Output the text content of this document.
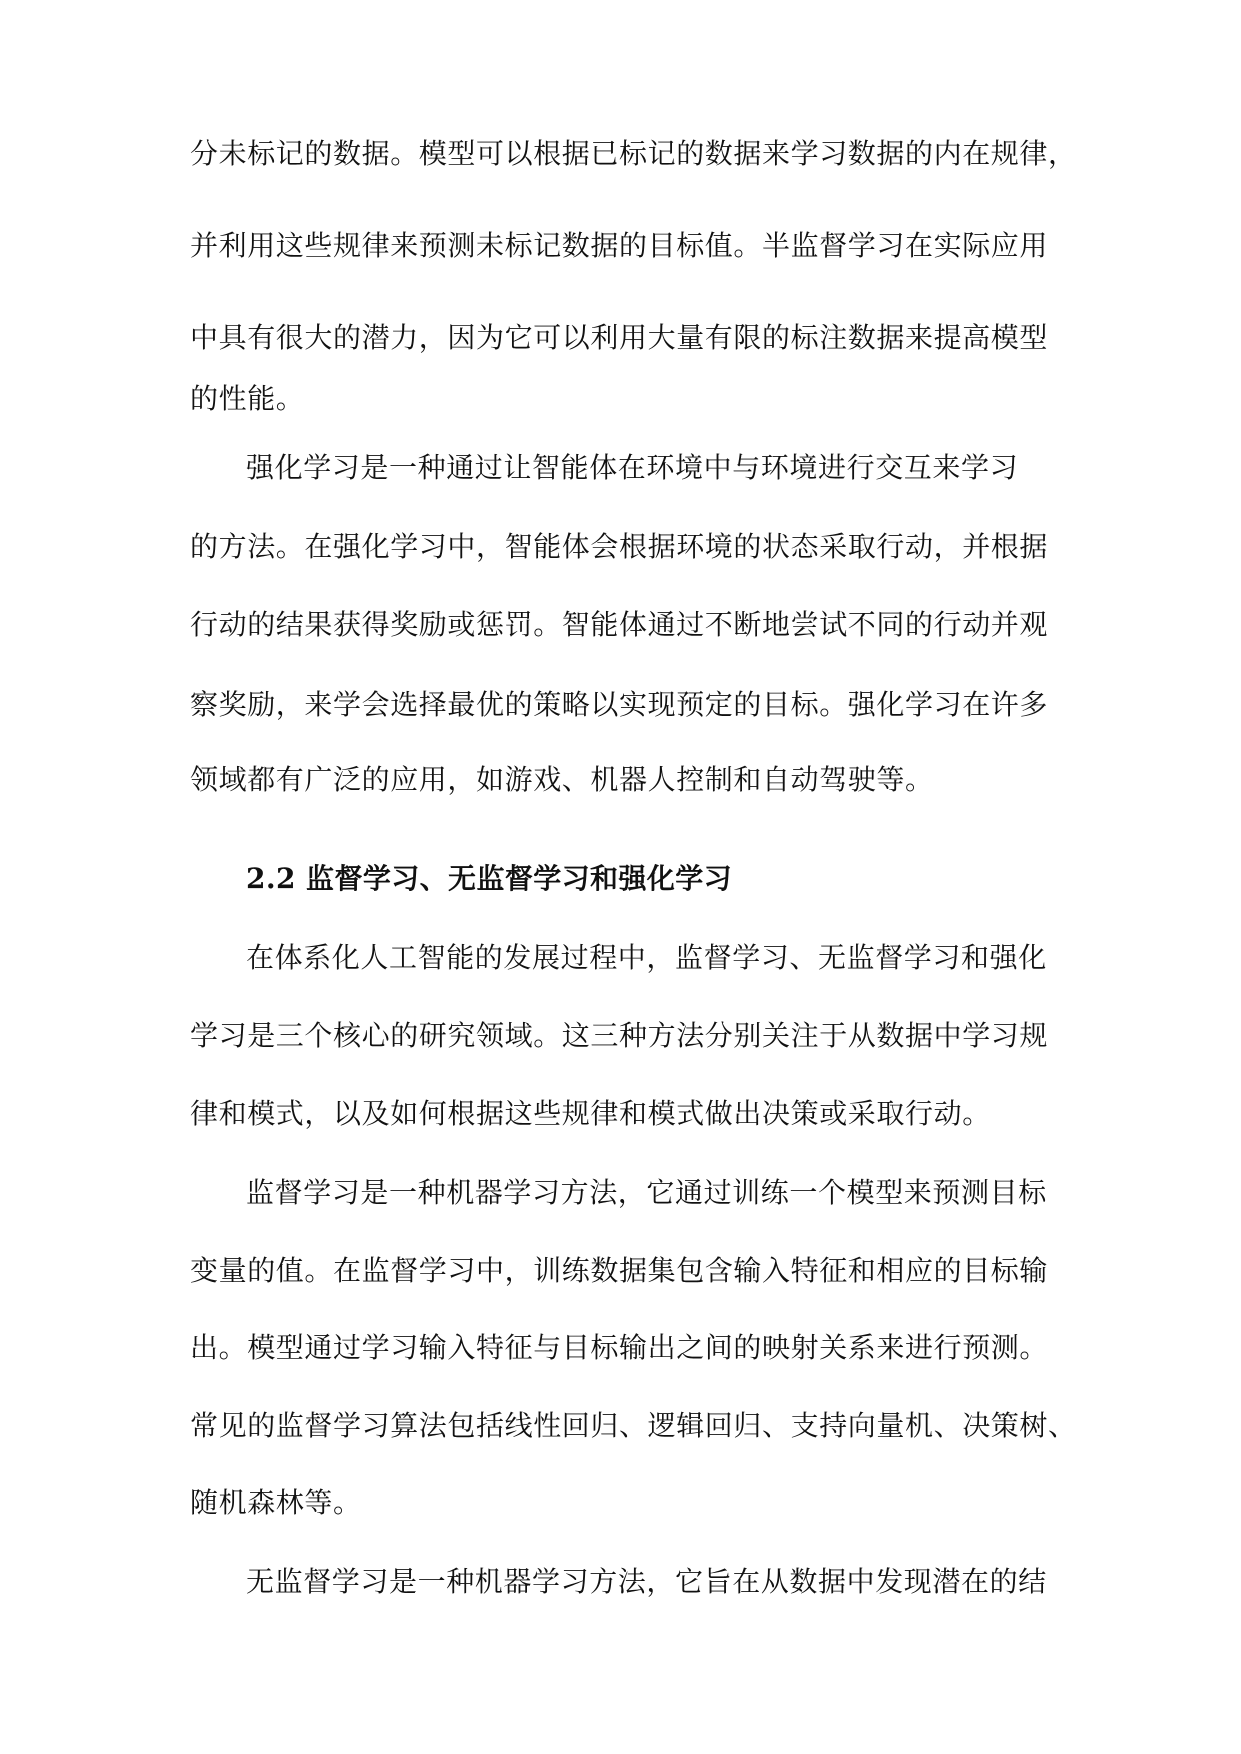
分未标记的数据。模型可以根据已标记的数据来学习数据的内在规律，
并利用这些规律来预测未标记数据的目标值。半监督学习在实际应用
中具有很大的潜力，因为它可以利用大量有限的标注数据来提高模型
的性能。
强化学习是一种通过让智能体在环境中与环境进行交互来学习
的方法。在强化学习中，智能体会根据环境的状态采取行动，并根据
行动的结果获得奖励或惩罚。智能体通过不断地尝试不同的行动并观
察奖励，来学会选择最优的策略以实现预定的目标。强化学习在许多
领域都有广泛的应用，如游戏、机器人控制和自动驾驶等。
2.2 监督学习、无监督学习和强化学习
在体系化人工智能的发展过程中，监督学习、无监督学习和强化
学习是三个核心的研究领域。这三种方法分别关注于从数据中学习规
律和模式，以及如何根据这些规律和模式做出决策或采取行动。
监督学习是一种机器学习方法，它通过训练一个模型来预测目标
变量的值。在监督学习中，训练数据集包含输入特征和相应的目标输
出。模型通过学习输入特征与目标输出之间的映射关系来进行预测。
常见的监督学习算法包括线性回归、逻辑回归、支持向量机、决策树、
随机森林等。
无监督学习是一种机器学习方法，它旨在从数据中发现潜在的结
